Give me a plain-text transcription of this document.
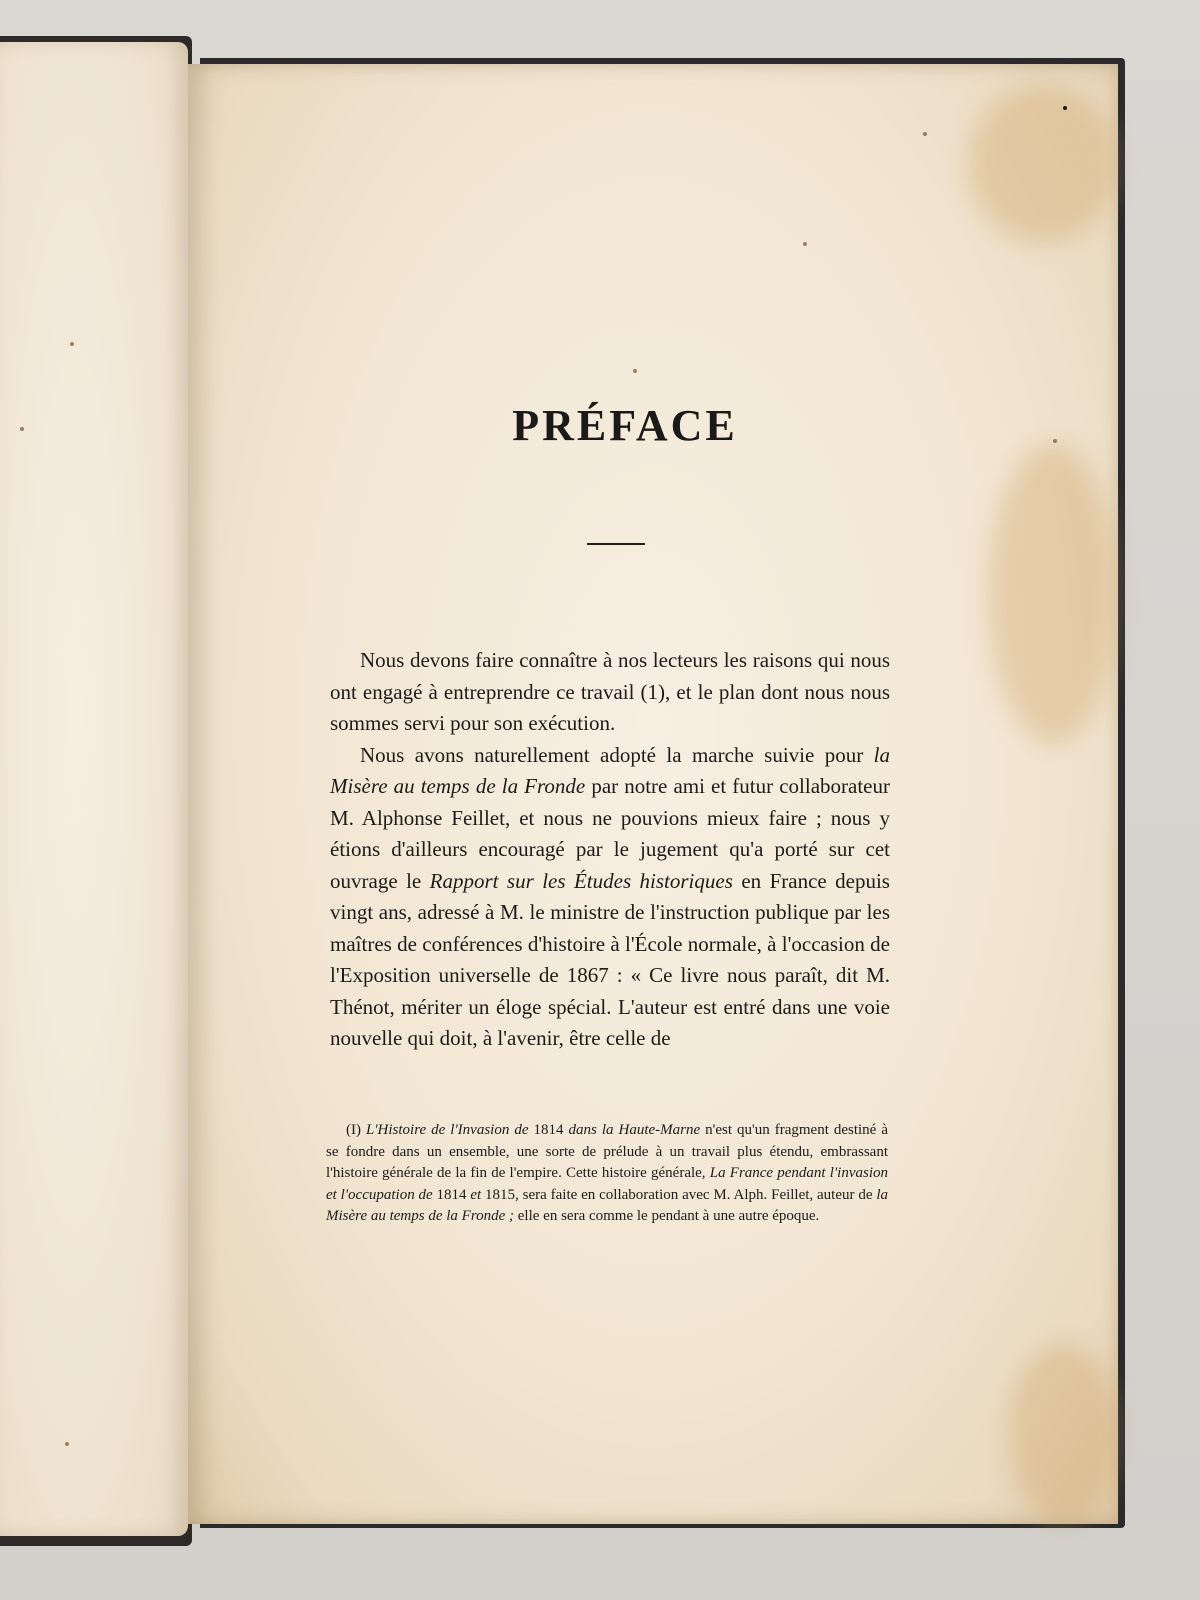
PRÉFACE

Nous devons faire connaître à nos lecteurs les raisons qui nous ont engagé à entreprendre ce travail (1), et le plan dont nous nous sommes servi pour son exécution.

Nous avons naturellement adopté la marche suivie pour la Misère au temps de la Fronde par notre ami et futur collaborateur M. Alphonse Feillet, et nous ne pouvions mieux faire ; nous y étions d'ailleurs encouragé par le jugement qu'a porté sur cet ouvrage le Rapport sur les Études historiques en France depuis vingt ans, adressé à M. le ministre de l'instruction publique par les maîtres de conférences d'histoire à l'École normale, à l'occasion de l'Exposition universelle de 1867 : « Ce livre nous paraît, dit M. Thénot, mériter un éloge spécial. L'auteur est entré dans une voie nouvelle qui doit, à l'avenir, être celle de

(I) L'Histoire de l'Invasion de 1814 dans la Haute-Marne n'est qu'un fragment destiné à se fondre dans un ensemble, une sorte de prélude à un travail plus étendu, embrassant l'histoire générale de la fin de l'empire. Cette histoire générale, La France pendant l'invasion et l'occupation de 1814 et 1815, sera faite en collaboration avec M. Alph. Feillet, auteur de la Misère au temps de la Fronde ; elle en sera comme le pendant à une autre époque.
